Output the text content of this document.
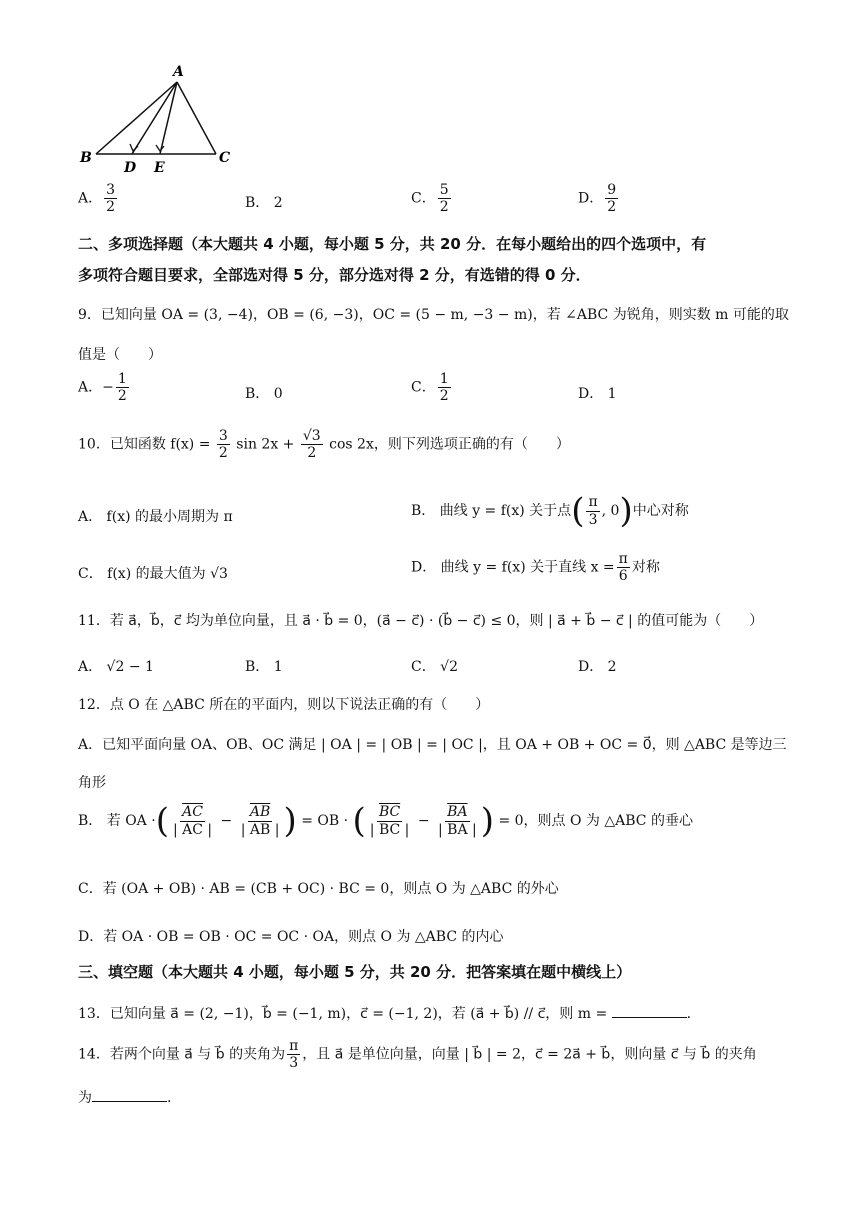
A
B
D E
C
A． $\frac{3}{2}$	B． 2	C． $\frac{5}{2}$	D． $\frac{9}{2}$
二、多项选择题（本大题共 4 小题，每小题 5 分，共 20 分．在每小题给出的四个选项中，有
多项符合题目要求，全部选对得 5 分，部分选对得 2 分，有选错的得 0 分．
9．已知向量 OA = (3, −4)，OB = (6, −3)，OC = (5 − m, −3 − m)，若 ∠ABC 为锐角，则实数 m 可能的取
值是（　　）
A．− $\frac{1}{2}$	B． 0	C． $\frac{1}{2}$	D． 1
10．已知函数 $f(x) = \frac{3}{2}$ $\sin 2x + \frac{√3}{2}$ cos 2x，则下列选项正确的有（　　）
A． f(x) 的最小周期为 π	B． 曲线 y = f(x) 关于点( $\frac{\pi}{3}$ , 0)中心对称
C． f(x) 的最大值为 √3	D． 曲线 y = f(x) 关于直线 $x = \frac{\pi}{6}$ 对称
11．若 a⃗，b⃗，c⃗ 均为单位向量，且 a⃗ · b⃗ = 0，(a⃗ − c⃗) · (b⃗ − c⃗) ≤ 0，则 | a⃗ + b⃗ − c⃗ | 的值可能为（　　）
A． √2 − 1	B． 1	C． √2	D． 2
12．点 O 在 △ABC 所在的平面内，则以下说法正确的有（　　）
A．已知平面向量 OA、OB、OC 满足 | OA | = | OB | = | OC |，且 OA + OB + OC = 0⃗，则 △ABC 是等边三
角形
B． 若 OA ·( $\frac{\overline{AC}}{| AC |} - \frac{\overline{AB}}{| AB |}$ ) = OB · ( $\frac{\overline{BC}}{| BC |} - \frac{\overline{BA}}{| BA |}$ ) = 0，则点 O 为 △ABC 的垂心
C．若 (OA + OB) · AB = (CB + OC) · BC = 0，则点 O 为 △ABC 的外心
D．若 OA · OB = OB · OC = OC · OA，则点 O 为 △ABC 的内心
三、填空题（本大题共 4 小题，每小题 5 分，共 20 分．把答案填在题中横线上）
13．已知向量 a⃗ = (2, −1)，b⃗ = (−1, m)，c⃗ = (−1, 2)，若 (a⃗ + b⃗) // c⃗，则 m =	.
14．若两个向量 a⃗ 与 b⃗ 的夹角为 $\frac{\pi}{3}$ ，且 a⃗ 是单位向量，向量 | b⃗ | = 2，c⃗ = 2a⃗ + b⃗，则向量 c⃗ 与 b⃗ 的夹角
为	.
